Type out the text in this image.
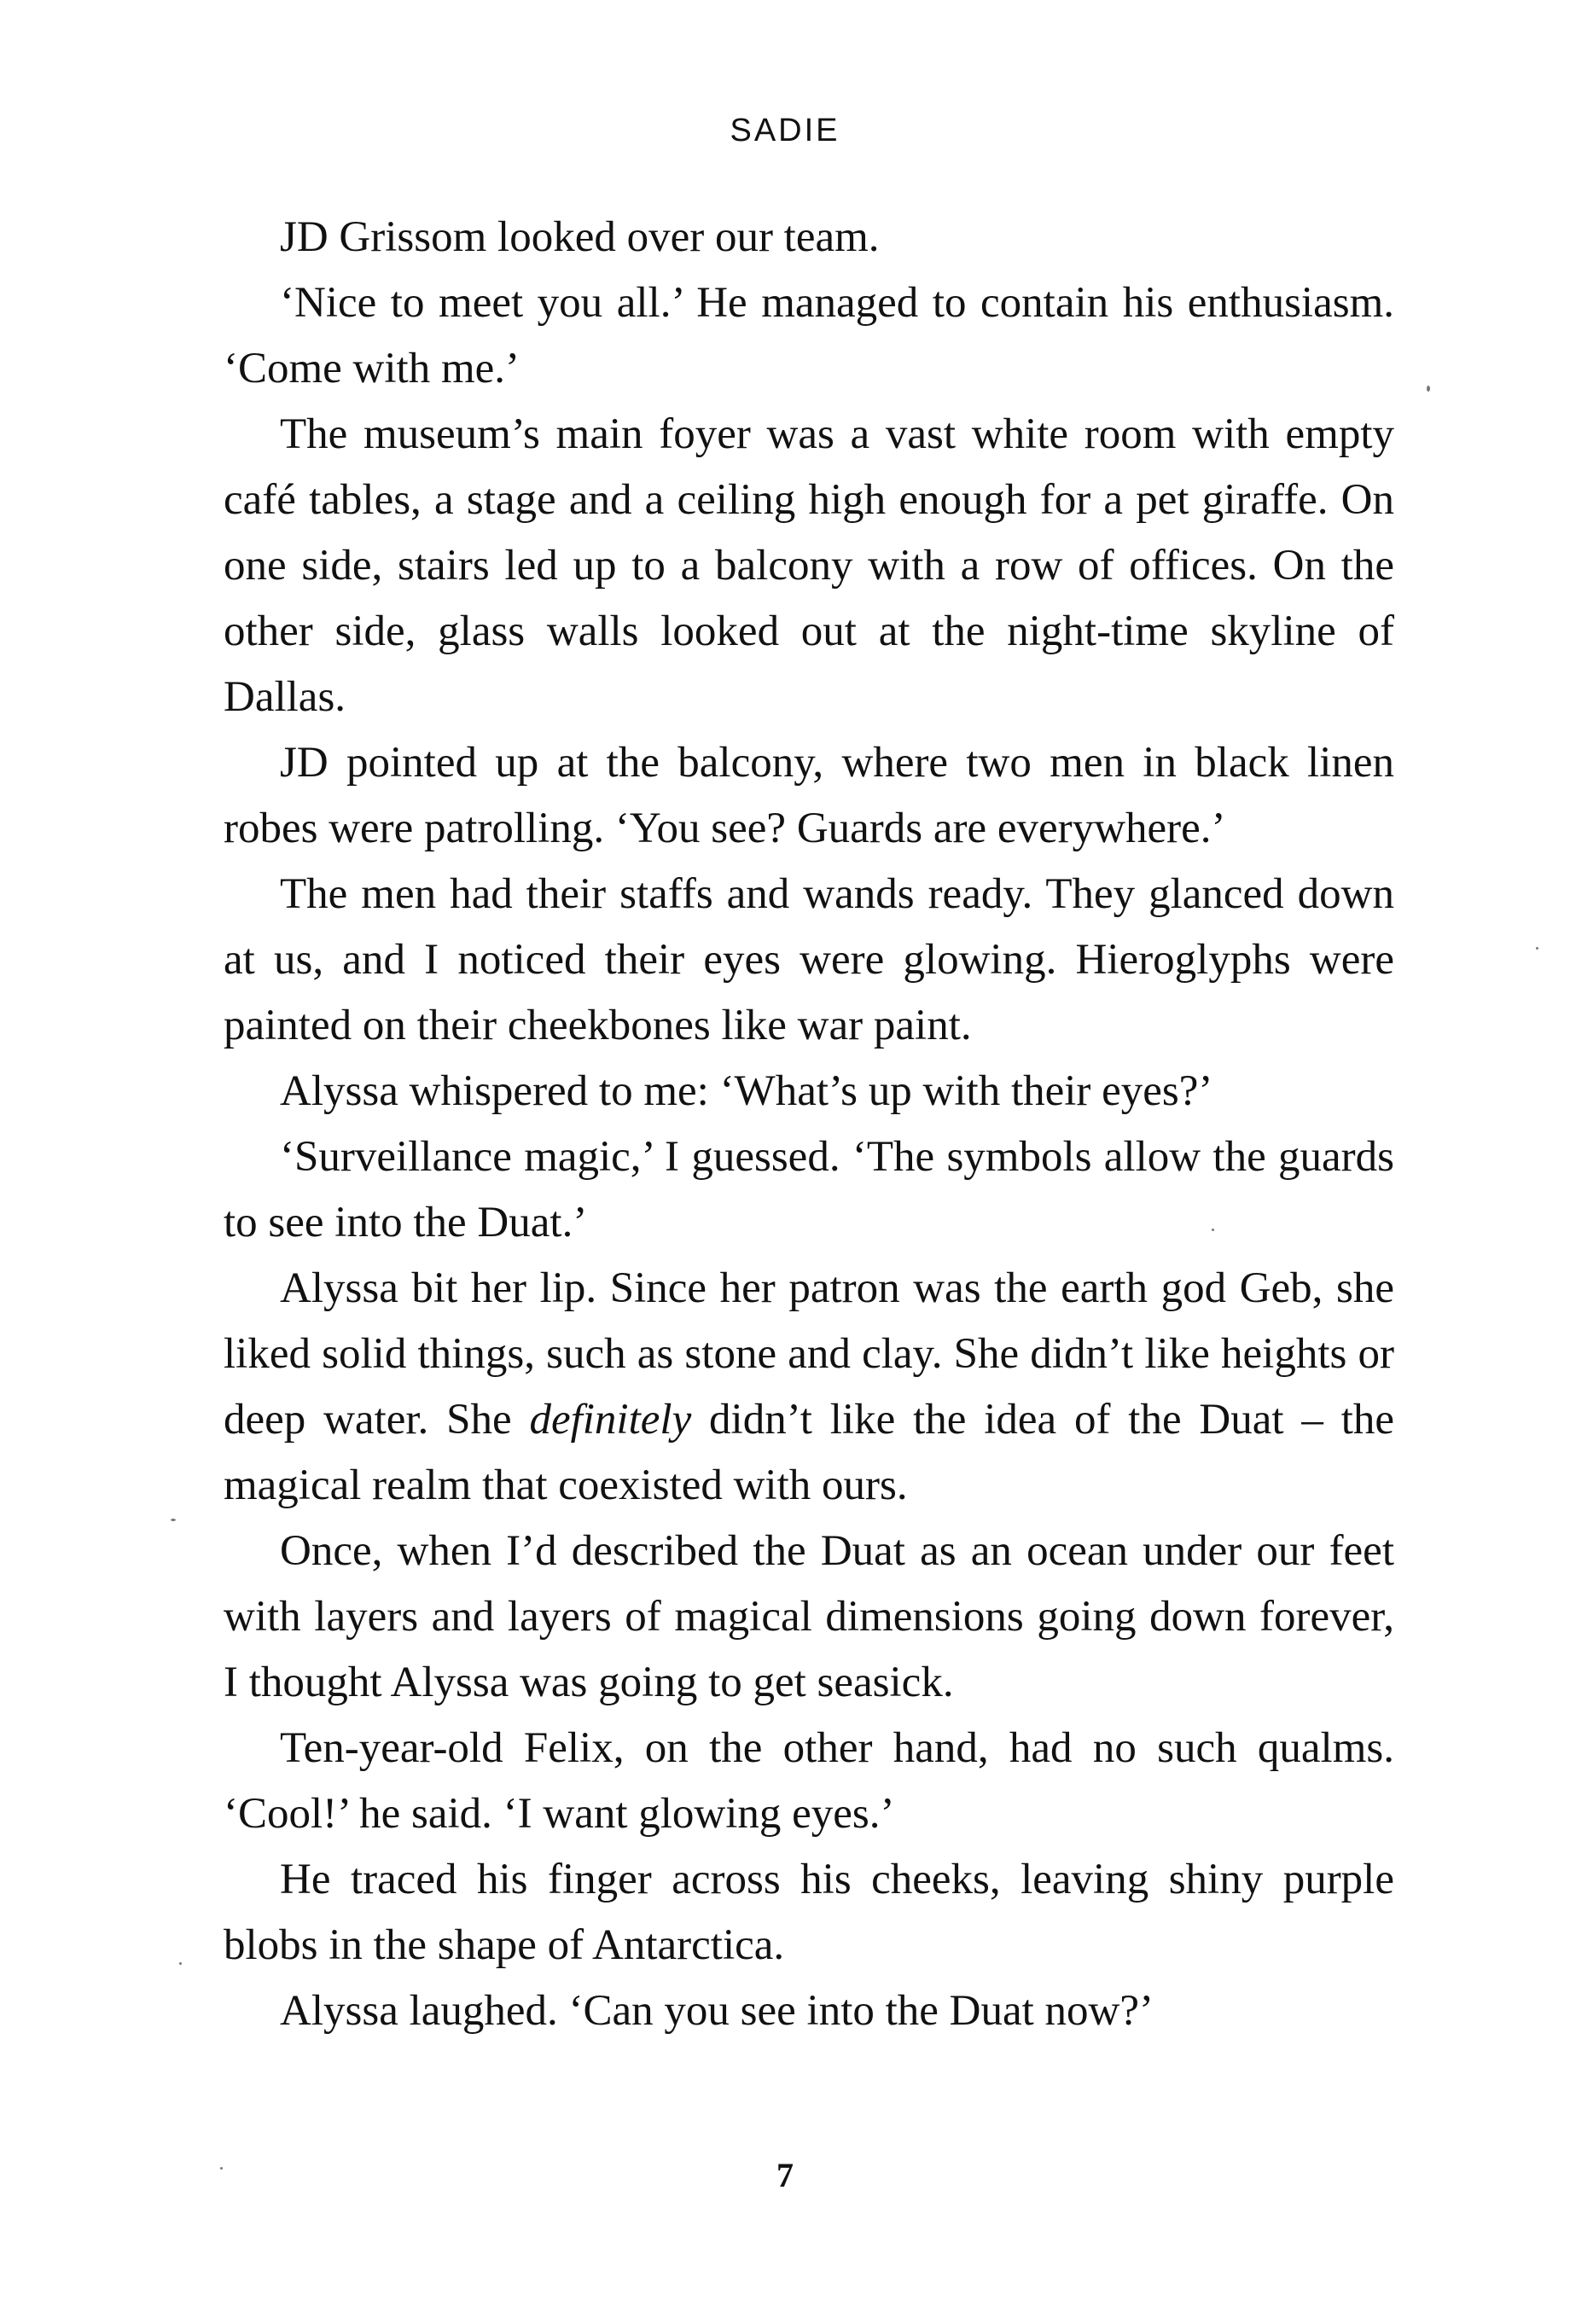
SADIE

JD Grissom looked over our team.

‘Nice to meet you all.’ He managed to contain his enthusiasm. ‘Come with me.’

The museum’s main foyer was a vast white room with empty café tables, a stage and a ceiling high enough for a pet giraffe. On one side, stairs led up to a balcony with a row of offices. On the other side, glass walls looked out at the night-time skyline of Dallas.

JD pointed up at the balcony, where two men in black linen robes were patrolling. ‘You see? Guards are everywhere.’

The men had their staffs and wands ready. They glanced down at us, and I noticed their eyes were glowing. Hieroglyphs were painted on their cheekbones like war paint.

Alyssa whispered to me: ‘What’s up with their eyes?’

‘Surveillance magic,’ I guessed. ‘The symbols allow the guards to see into the Duat.’

Alyssa bit her lip. Since her patron was the earth god Geb, she liked solid things, such as stone and clay. She didn’t like heights or deep water. She definitely didn’t like the idea of the Duat – the magical realm that coexisted with ours.

Once, when I’d described the Duat as an ocean under our feet with layers and layers of magical dimensions going down forever, I thought Alyssa was going to get seasick.

Ten-year-old Felix, on the other hand, had no such qualms. ‘Cool!’ he said. ‘I want glowing eyes.’

He traced his finger across his cheeks, leaving shiny purple blobs in the shape of Antarctica.

Alyssa laughed. ‘Can you see into the Duat now?’

7
